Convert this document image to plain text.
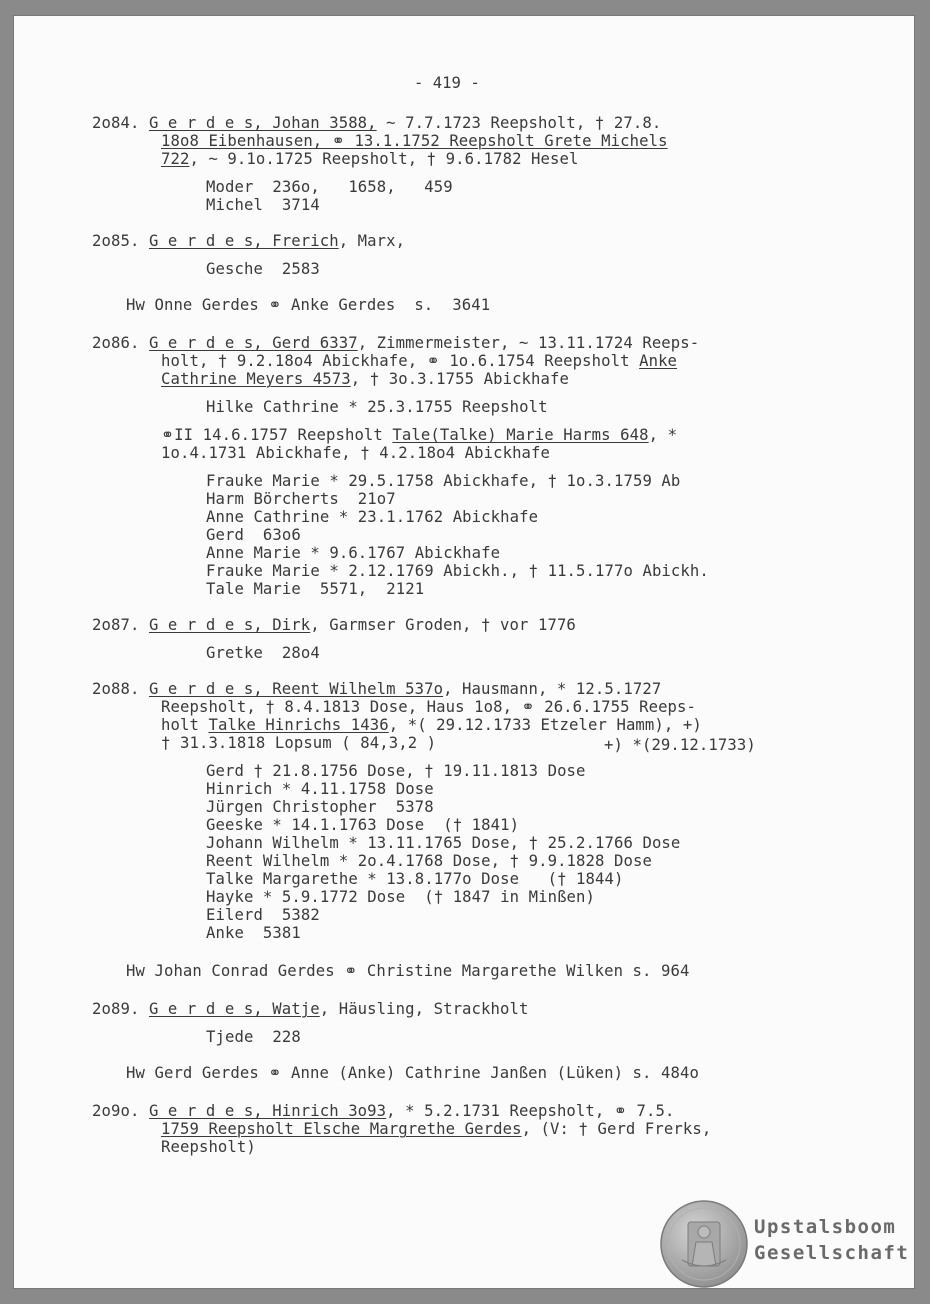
- 419 -
2o84. G e r d e s, Johan 3588, ~ 7.7.1723 Reepsholt, † 27.8.
18o8 Eibenhausen, ⚭ 13.1.1752 Reepsholt Grete Michels
722, ~ 9.1o.1725 Reepsholt, † 9.6.1782 Hesel
Moder  236o,   1658,   459
Michel  3714
2o85. G e r d e s, Frerich, Marx,
Gesche  2583
Hw Onne Gerdes ⚭ Anke Gerdes  s.  3641
2o86. G e r d e s, Gerd 6337, Zimmermeister, ~ 13.11.1724 Reeps-
holt, † 9.2.18o4 Abickhafe, ⚭ 1o.6.1754 Reepsholt Anke
Cathrine Meyers 4573, † 3o.3.1755 Abickhafe
Hilke Cathrine * 25.3.1755 Reepsholt
⚭II 14.6.1757 Reepsholt Tale(Talke) Marie Harms 648, *
1o.4.1731 Abickhafe, † 4.2.18o4 Abickhafe
Frauke Marie * 29.5.1758 Abickhafe, † 1o.3.1759 Ab
Harm Börcherts  21o7
Anne Cathrine * 23.1.1762 Abickhafe
Gerd  63o6
Anne Marie * 9.6.1767 Abickhafe
Frauke Marie * 2.12.1769 Abickh., † 11.5.177o Abickh.
Tale Marie  5571,  2121
2o87. G e r d e s, Dirk, Garmser Groden, † vor 1776
Gretke  28o4
2o88. G e r d e s, Reent Wilhelm 537o, Hausmann, * 12.5.1727
Reepsholt, † 8.4.1813 Dose, Haus 1o8, ⚭ 26.6.1755 Reeps-
holt Talke Hinrichs 1436, *( 29.12.1733 Etzeler Hamm), +)
† 31.3.1818 Lopsum ( 84,3,2 )	+) *(29.12.1733)
Gerd † 21.8.1756 Dose, † 19.11.1813 Dose
Hinrich * 4.11.1758 Dose
Jürgen Christopher  5378
Geeske * 14.1.1763 Dose  († 1841)
Johann Wilhelm * 13.11.1765 Dose, † 25.2.1766 Dose
Reent Wilhelm * 2o.4.1768 Dose, † 9.9.1828 Dose
Talke Margarethe * 13.8.177o Dose   († 1844)
Hayke * 5.9.1772 Dose  († 1847 in Minßen)
Eilerd  5382
Anke  5381
Hw Johan Conrad Gerdes ⚭ Christine Margarethe Wilken s. 964
2o89. G e r d e s, Watje, Häusling, Strackholt
Tjede  228
Hw Gerd Gerdes ⚭ Anne (Anke) Cathrine Janßen (Lüken) s. 484o
2o9o. G e r d e s, Hinrich 3o93, * 5.2.1731 Reepsholt, ⚭ 7.5.
1759 Reepsholt Elsche Margrethe Gerdes, (V: † Gerd Frerks,
Reepsholt)
Upstalsboom
Gesellschaft
